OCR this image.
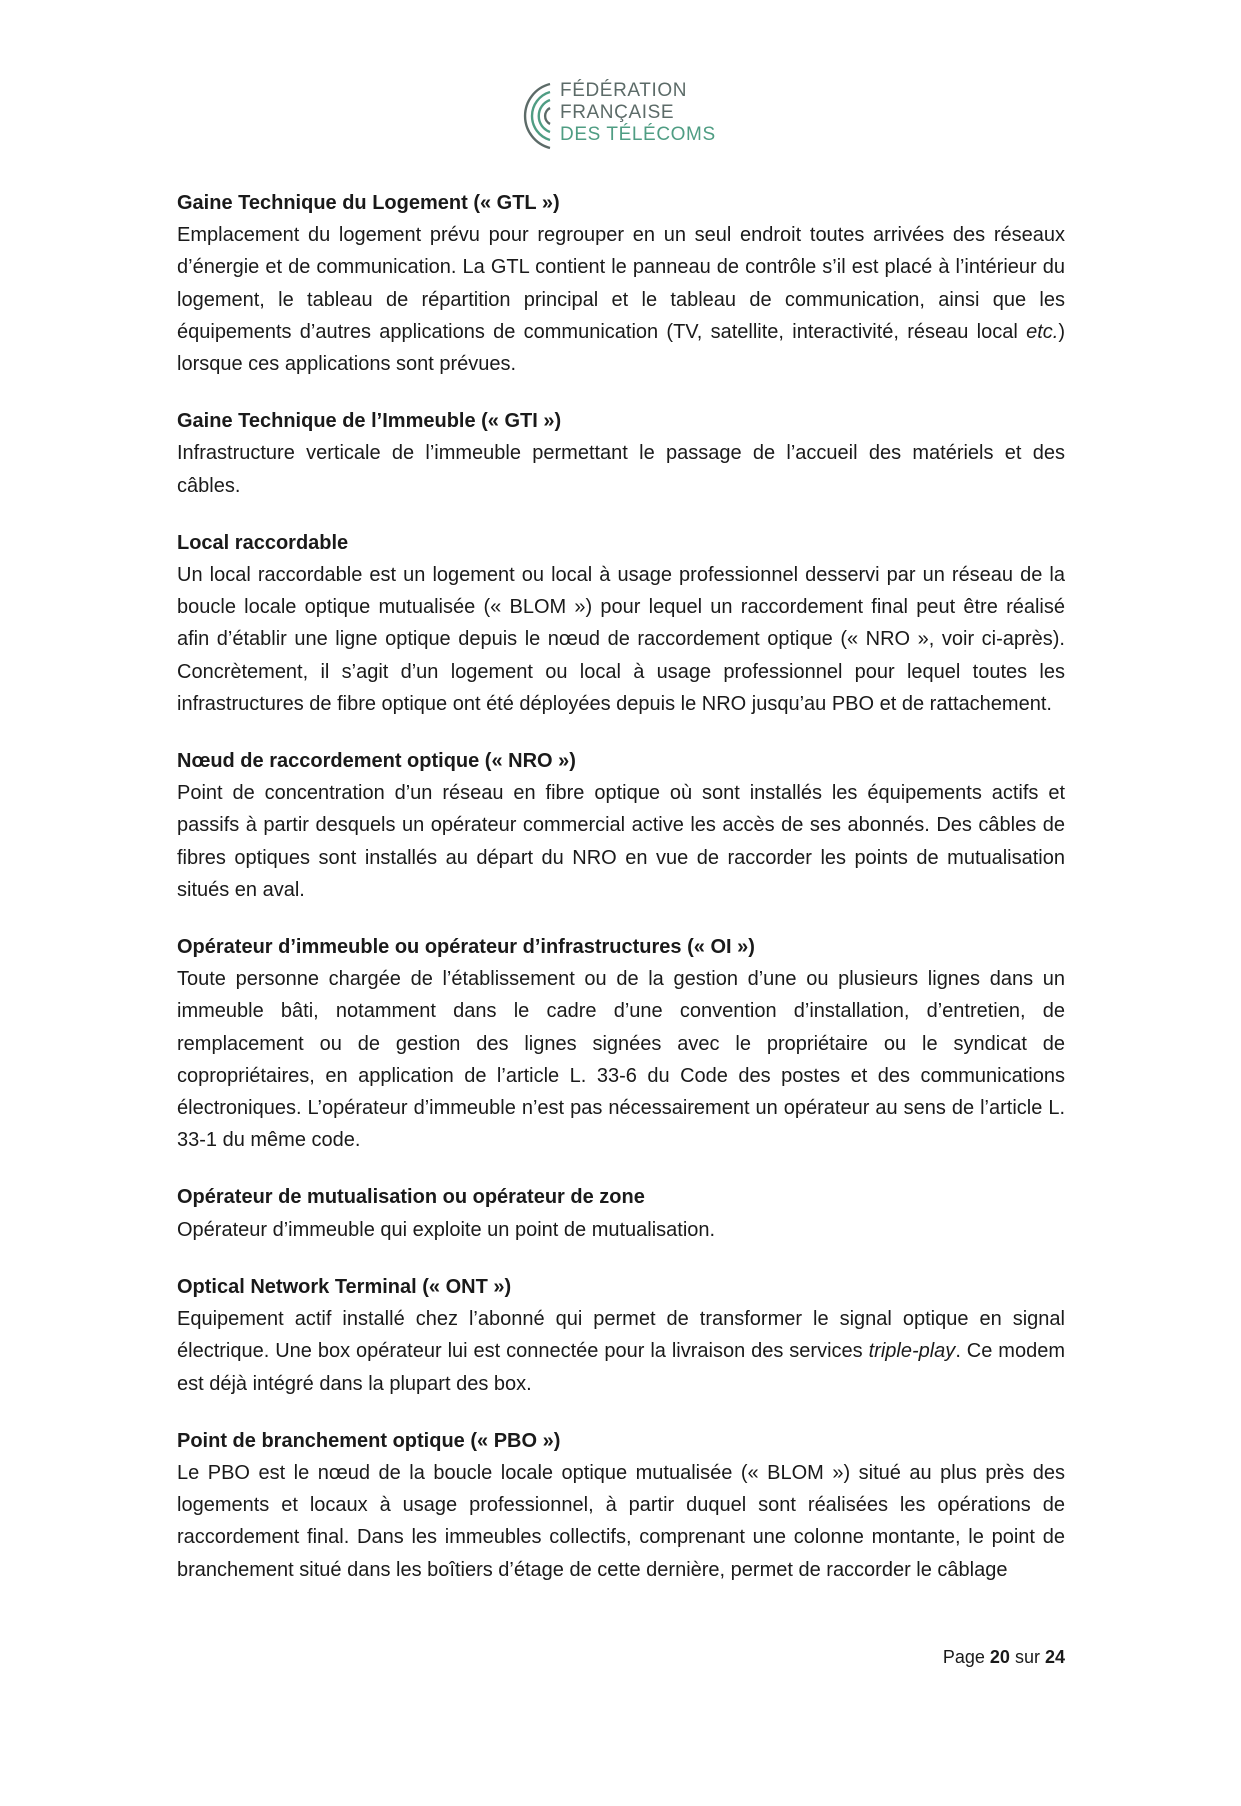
FÉDÉRATION
FRANÇAISE
DES TÉLÉCOMS
Gaine Technique du Logement (« GTL »)
Emplacement du logement prévu pour regrouper en un seul endroit toutes arrivées des réseaux d’énergie et de communication. La GTL contient le panneau de contrôle s’il est placé à l’intérieur du logement, le tableau de répartition principal et le tableau de communication, ainsi que les équipements d’autres applications de communication (TV, satellite, interactivité, réseau local etc.) lorsque ces applications sont prévues.
Gaine Technique de l’Immeuble (« GTI »)
Infrastructure verticale de l’immeuble permettant le passage de l’accueil des matériels et des câbles.
Local raccordable
Un local raccordable est un logement ou local à usage professionnel desservi par un réseau de la boucle locale optique mutualisée (« BLOM ») pour lequel un raccordement final peut être réalisé afin d’établir une ligne optique depuis le nœud de raccordement optique (« NRO », voir ci-après). Concrètement, il s’agit d’un logement ou local à usage professionnel pour lequel toutes les infrastructures de fibre optique ont été déployées depuis le NRO jusqu’au PBO et de rattachement.
Nœud de raccordement optique (« NRO »)
Point de concentration d’un réseau en fibre optique où sont installés les équipements actifs et passifs à partir desquels un opérateur commercial active les accès de ses abonnés. Des câbles de fibres optiques sont installés au départ du NRO en vue de raccorder les points de mutualisation situés en aval.
Opérateur d’immeuble ou opérateur d’infrastructures (« OI »)
Toute personne chargée de l’établissement ou de la gestion d’une ou plusieurs lignes dans un immeuble bâti, notamment dans le cadre d’une convention d’installation, d’entretien, de remplacement ou de gestion des lignes signées avec le propriétaire ou le syndicat de copropriétaires, en application de l’article L. 33-6 du Code des postes et des communications électroniques. L’opérateur d’immeuble n’est pas nécessairement un opérateur au sens de l’article L. 33-1 du même code.
Opérateur de mutualisation ou opérateur de zone
Opérateur d’immeuble qui exploite un point de mutualisation.
Optical Network Terminal (« ONT »)
Equipement actif installé chez l’abonné qui permet de transformer le signal optique en signal électrique. Une box opérateur lui est connectée pour la livraison des services triple-play. Ce modem est déjà intégré dans la plupart des box.
Point de branchement optique (« PBO »)
Le PBO est le nœud de la boucle locale optique mutualisée (« BLOM ») situé au plus près des logements et locaux à usage professionnel, à partir duquel sont réalisées les opérations de raccordement final. Dans les immeubles collectifs, comprenant une colonne montante, le point de branchement situé dans les boîtiers d’étage de cette dernière, permet de raccorder le câblage
Page 20 sur 24
